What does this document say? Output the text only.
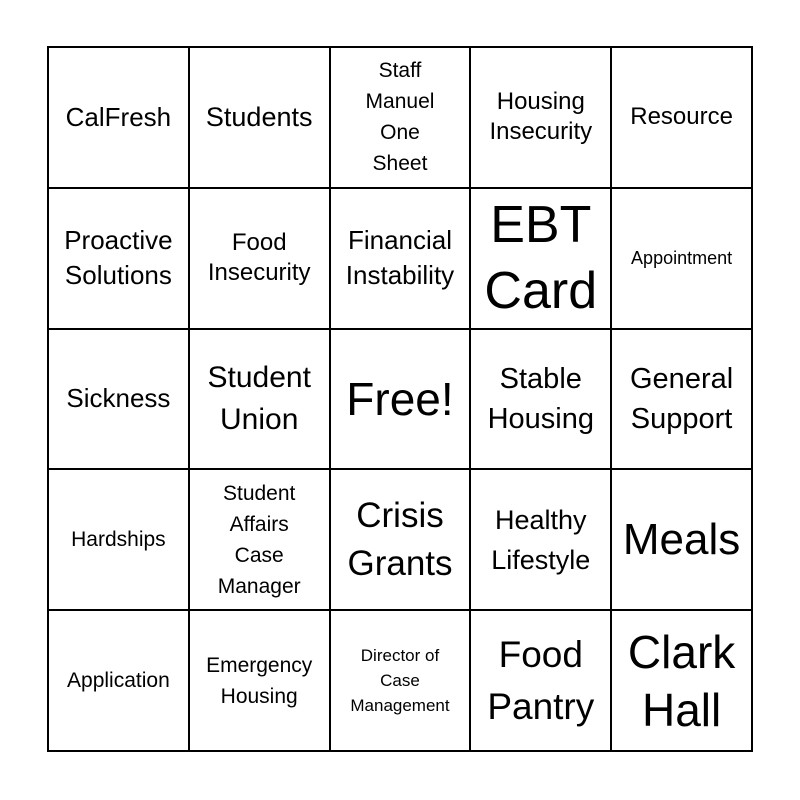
CalFresh Students
Staff
Manuel
One
Sheet
Housing
Insecurity
Resource
Proactive
Solutions
Food
Insecurity
Financial
Instability
EBT
Card
Appointment
Sickness
Student
Union Free!	Stable
Housing
General
Support
Hardships
Student
Affairs
Case
Manager
Crisis
Grants
Healthy
Lifestyle Meals
Application
Emergency
Housing
Director of
Case
Management
Food
Pantry
Clark
Hall
